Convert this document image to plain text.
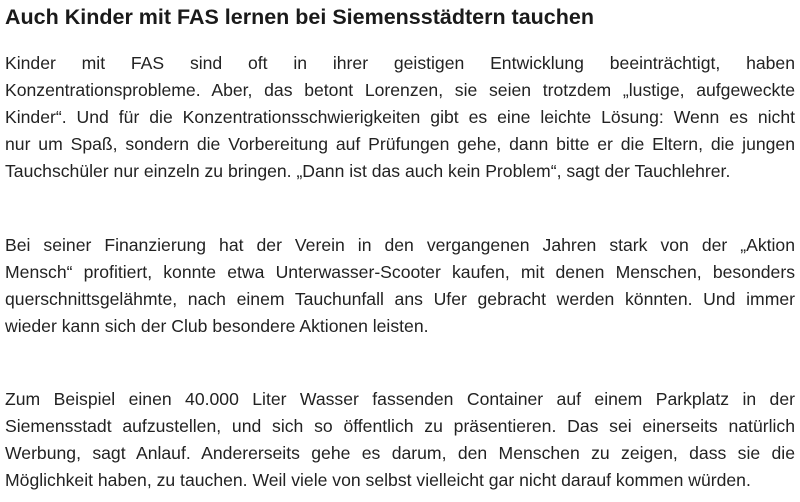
Auch Kinder mit FAS lernen bei Siemensstädtern tauchen

Kinder mit FAS sind oft in ihrer geistigen Entwicklung beeinträchtigt, haben
Konzentrationsprobleme. Aber, das betont Lorenzen, sie seien trotzdem „lustige, aufgeweckte
Kinder“. Und für die Konzentrationsschwierigkeiten gibt es eine leichte Lösung: Wenn es nicht
nur um Spaß, sondern die Vorbereitung auf Prüfungen gehe, dann bitte er die Eltern, die jungen
Tauchschüler nur einzeln zu bringen. „Dann ist das auch kein Problem“, sagt der Tauchlehrer.

Bei seiner Finanzierung hat der Verein in den vergangenen Jahren stark von der „Aktion
Mensch“ profitiert, konnte etwa Unterwasser-Scooter kaufen, mit denen Menschen, besonders
querschnittsgelähmte, nach einem Tauchunfall ans Ufer gebracht werden könnten. Und immer
wieder kann sich der Club besondere Aktionen leisten.

Zum Beispiel einen 40.000 Liter Wasser fassenden Container auf einem Parkplatz in der
Siemensstadt aufzustellen, und sich so öffentlich zu präsentieren. Das sei einerseits natürlich
Werbung, sagt Anlauf. Andererseits gehe es darum, den Menschen zu zeigen, dass sie die
Möglichkeit haben, zu tauchen. Weil viele von selbst vielleicht gar nicht darauf kommen würden.
